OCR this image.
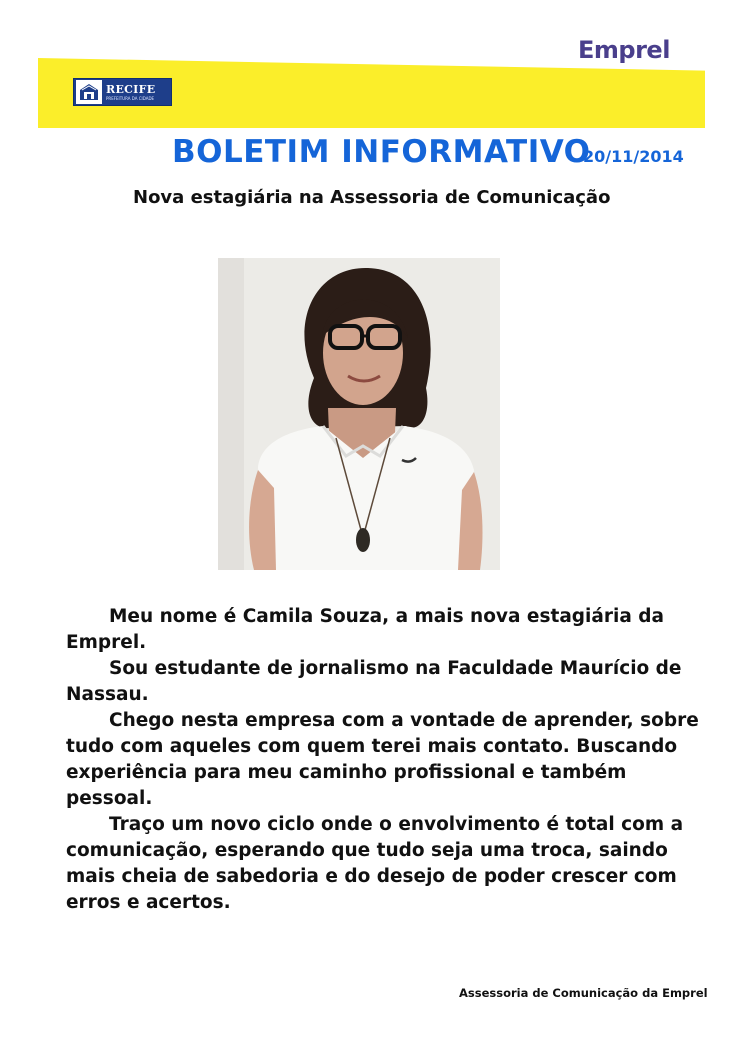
Emprel
RECIFE
PREFEITURA DA CIDADE
BOLETIM INFORMATIVO
20/11/2014
Nova estagiária na Assessoria de Comunicação

Meu nome é Camila Souza, a mais nova estagiária da Emprel.

Sou estudante de jornalismo na Faculdade Maurício de Nassau.

Chego nesta empresa com a vontade de aprender, sobre tudo com aqueles com quem terei mais contato. Buscando experiência para meu caminho profissional e também pessoal.

Traço um novo ciclo onde o envolvimento é total com a comunicação, esperando que tudo seja uma troca, saindo mais cheia de sabedoria e do desejo de poder crescer com erros e acertos.

Assessoria de Comunicação da Emprel
